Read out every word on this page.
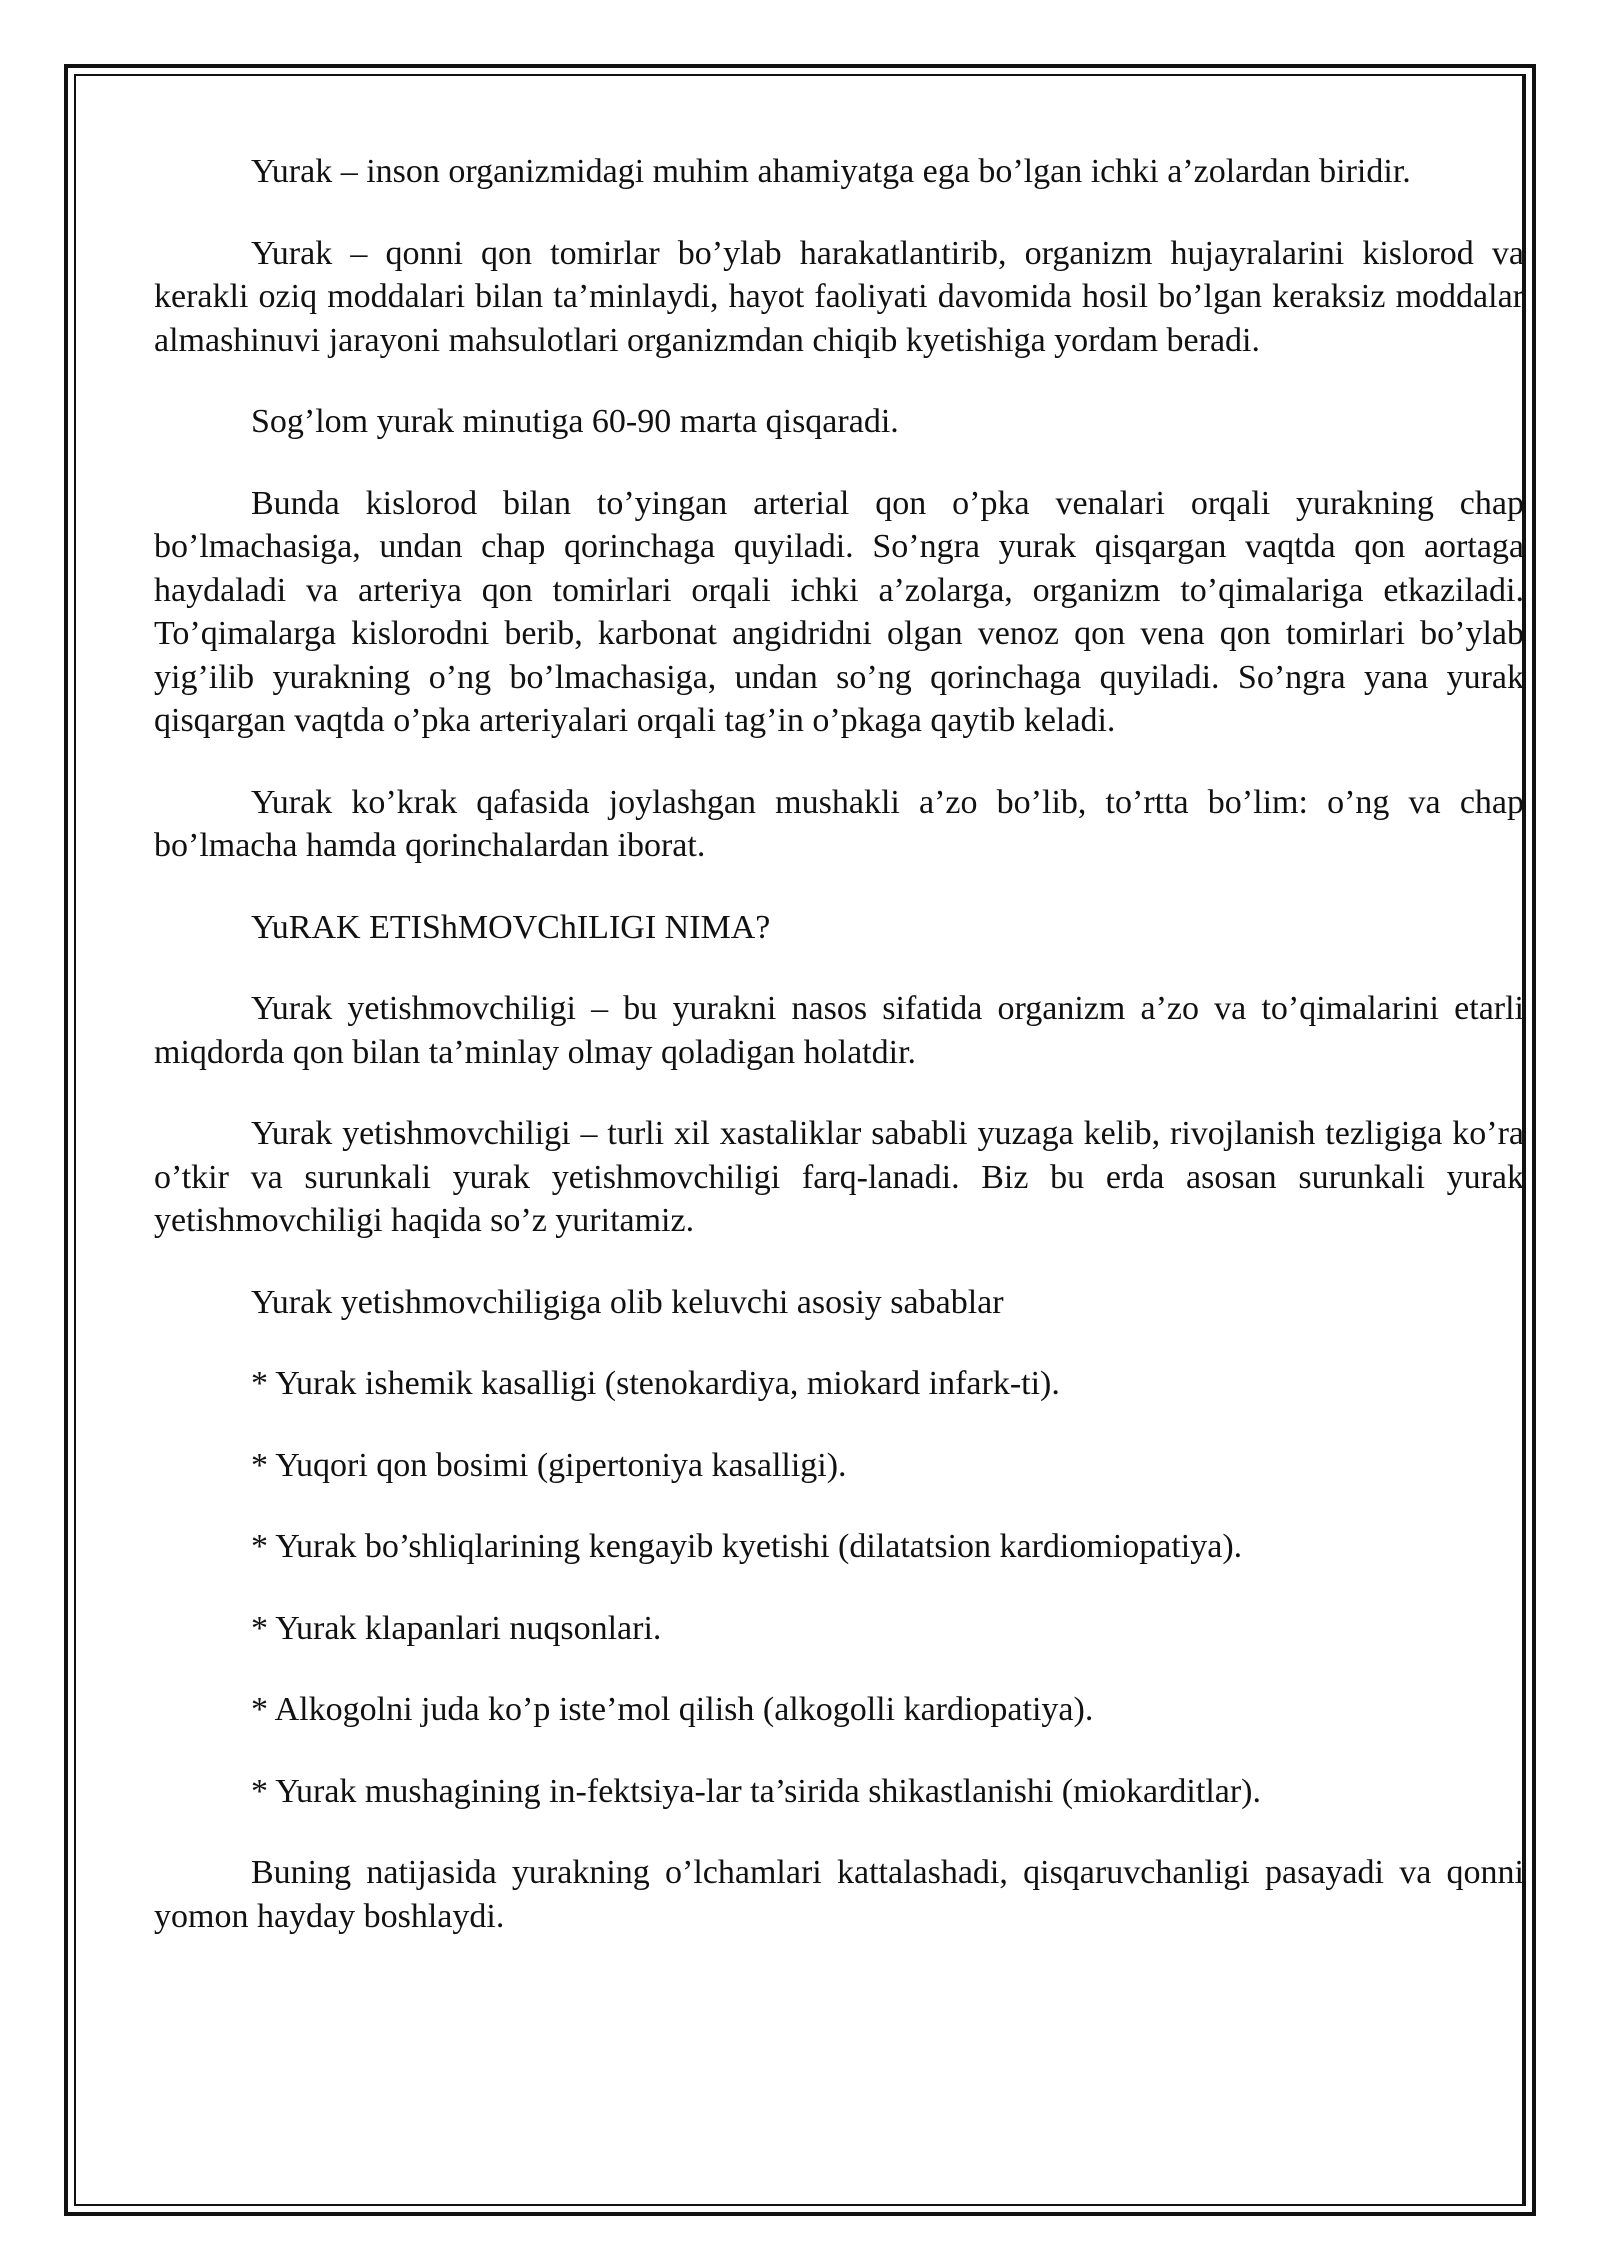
Yurak – inson organizmidagi muhim ahamiyatga ega bo’lgan ichki a’zolardan biridir.

Yurak – qonni qon tomirlar bo’ylab harakatlantirib, organizm hujayralarini kislorod va kerakli oziq moddalari bilan ta’minlaydi, hayot faoliyati davomida hosil bo’lgan keraksiz moddalar almashinuvi jarayoni mahsulotlari organizmdan chiqib kyetishiga yordam beradi.

Sog’lom yurak minutiga 60-90 marta qisqaradi.

Bunda kislorod bilan to’yingan arterial qon o’pka venalari orqali yurakning chap bo’lmachasiga, undan chap qorinchaga quyiladi. So’ngra yurak qisqargan vaqtda qon aortaga haydaladi va arteriya qon tomirlari orqali ichki a’zolarga, organizm to’qimalariga etkaziladi. To’qimalarga kislorodni berib, karbonat angidridni olgan venoz qon vena qon tomirlari bo’ylab yig’ilib yurakning o’ng bo’lmachasiga, undan so’ng qorinchaga quyiladi. So’ngra yana yurak qisqargan vaqtda o’pka arteriyalari orqali tag’in o’pkaga qaytib keladi.

Yurak ko’krak qafasida joylashgan mushakli a’zo bo’lib, to’rtta bo’lim: o’ng va chap bo’lmacha hamda qorinchalardan iborat.

YuRAK ETIShMOVChILIGI NIMA?

Yurak yetishmovchiligi – bu yurakni nasos sifatida organizm a’zo va to’qimalarini etarli miqdorda qon bilan ta’minlay olmay qoladigan holatdir.

Yurak yetishmovchiligi – turli xil xastaliklar sababli yuzaga kelib, rivojlanish tezligiga ko’ra o’tkir va surunkali yurak yetishmovchiligi farq-lanadi. Biz bu erda asosan surunkali yurak yetishmovchiligi haqida so’z yuritamiz.

Yurak yetishmovchiligiga olib keluvchi asosiy sabablar

* Yurak ishemik kasalligi (stenokardiya, miokard infark-ti).

* Yuqori qon bosimi (gipertoniya kasalligi).

* Yurak bo’shliqlarining kengayib kyetishi (dilatatsion kardiomiopatiya).

* Yurak klapanlari nuqsonlari.

* Alkogolni juda ko’p iste’mol qilish (alkogolli kardiopatiya).

* Yurak mushagining in-fektsiya-lar ta’sirida shikastlanishi (miokarditlar).

Buning natijasida yurakning o’lchamlari kattalashadi, qisqaruvchanligi pasayadi va qonni yomon hayday boshlaydi.
